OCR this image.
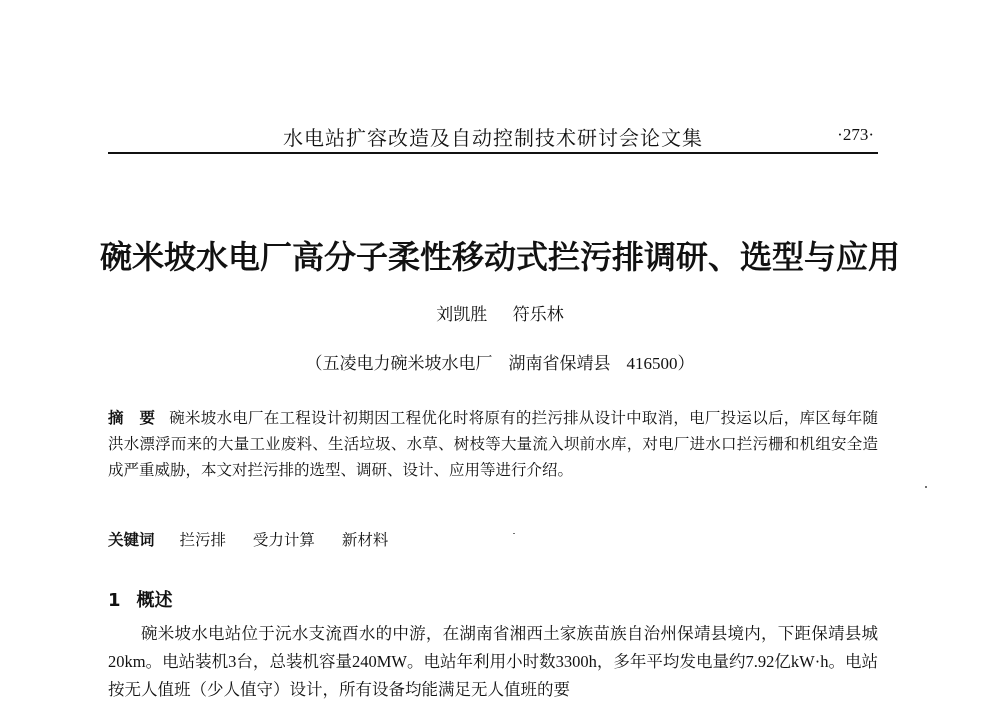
水电站扩容改造及自动控制技术研讨会论文集	·273·
碗米坡水电厂高分子柔性移动式拦污排调研、选型与应用
刘凯胜 符乐林
（五凌电力碗米坡水电厂 湖南省保靖县 416500）
摘　要 碗米坡水电厂在工程设计初期因工程优化时将原有的拦污排从设计中取消，电厂投运以后，库区每年随洪水漂浮而来的大量工业废料、生活垃圾、水草、树枝等大量流入坝前水库，对电厂进水口拦污栅和机组安全造成严重威胁，本文对拦污排的选型、调研、设计、应用等进行介绍。
关键词 拦污排 受力计算 新材料
1 概述
碗米坡水电站位于沅水支流酉水的中游，在湖南省湘西土家族苗族自治州保靖县境内，下距保靖县城20km。电站装机3台，总装机容量240MW。电站年利用小时数3300h，多年平均发电量约7.92亿kW·h。电站按无人值班（少人值守）设计，所有设备均能满足无人值班的要
